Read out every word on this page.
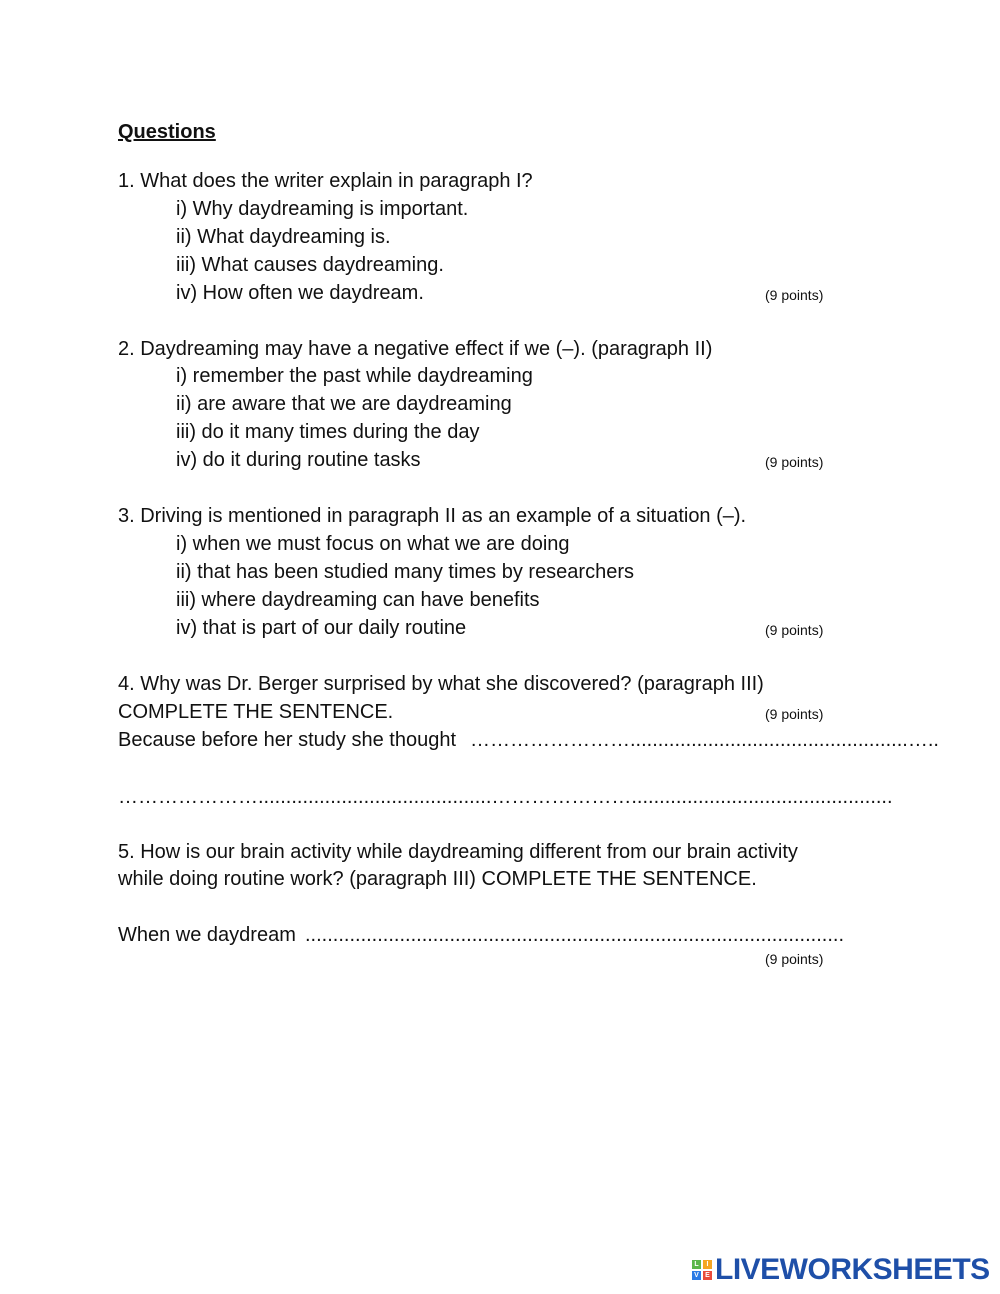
Questions
1. What does the writer explain in paragraph I?
i) Why daydreaming is important.
ii) What daydreaming is.
iii) What causes daydreaming.
iv) How often we daydream.	(9 points)
2. Daydreaming may have a negative effect if we (–). (paragraph II)
i) remember the past while daydreaming
ii) are aware that we are daydreaming
iii) do it many times during the day
iv) do it during routine tasks	(9 points)
3. Driving is mentioned in paragraph II as an example of a situation (–).
i) when we must focus on what we are doing
ii) that has been studied many times by researchers
iii) where daydreaming can have benefits
iv) that is part of our daily routine	(9 points)
4. Why was Dr. Berger surprised by what she discovered? (paragraph III)
COMPLETE THE SENTENCE.	(9 points)
Because before her study she thought ……………………..................................................…..
…………………..........................................…………………...............................................
5. How is our brain activity while daydreaming different from our brain activity
while doing routine work? (paragraph III) COMPLETE THE SENTENCE.
When we daydream .................................................................................................
(9 points)
L	I
V E LIVEWORKSHEETS
